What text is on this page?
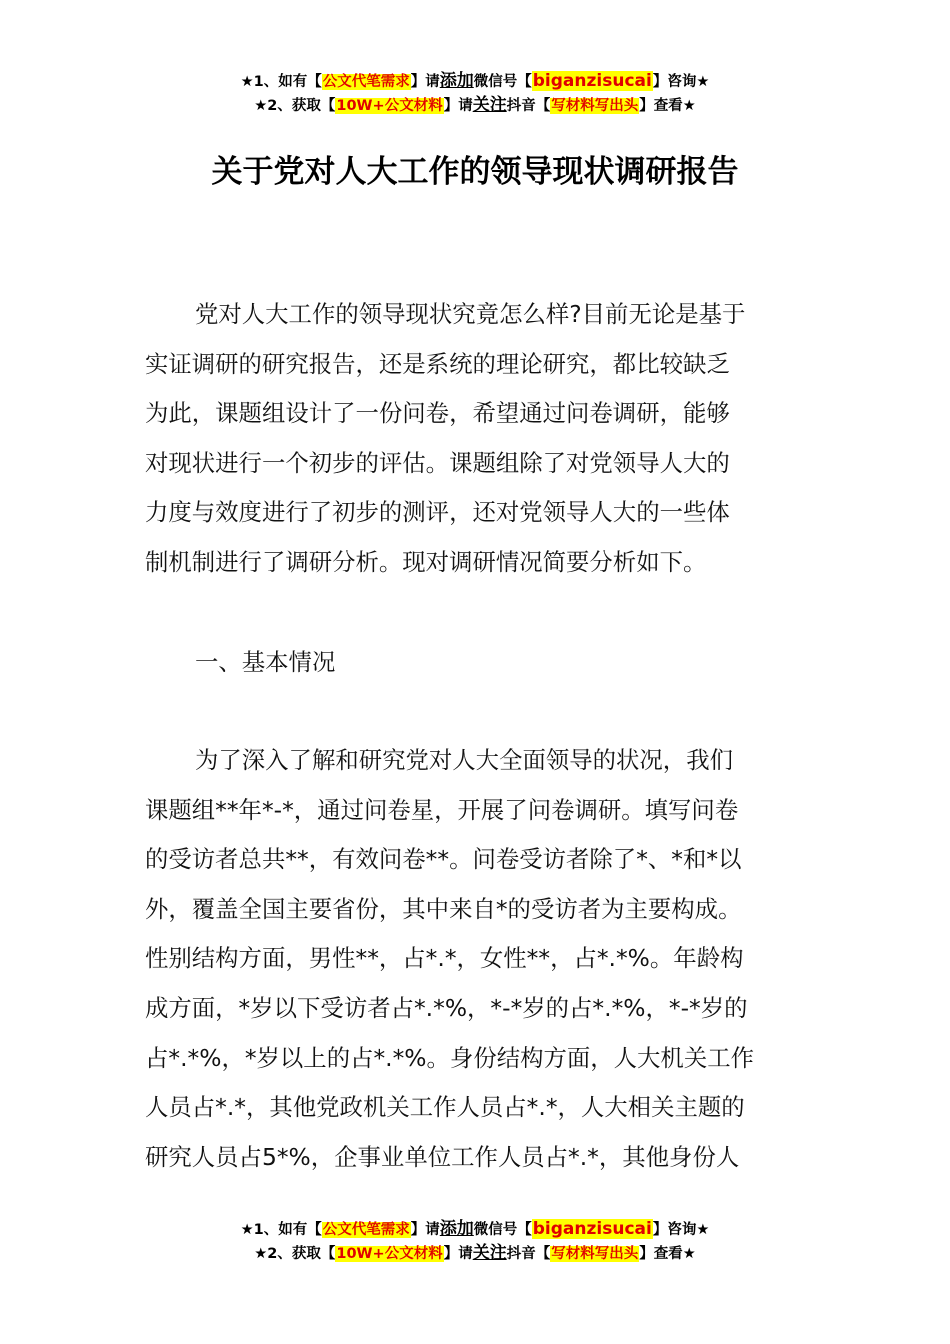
★1、如有【公文代笔需求】请添加微信号【biganzisucai】咨询★
★2、获取【10W+公文材料】请关注抖音【写材料写出头】查看★
关于党对人大工作的领导现状调研报告
党对人大工作的领导现状究竟怎么样?目前无论是基于
实证调研的研究报告，还是系统的理论研究，都比较缺乏
为此，课题组设计了一份问卷，希望通过问卷调研，能够
对现状进行一个初步的评估。课题组除了对党领导人大的
力度与效度进行了初步的测评，还对党领导人大的一些体
制机制进行了调研分析。现对调研情况简要分析如下。
一、基本情况
为了深入了解和研究党对人大全面领导的状况，我们
课题组**年*-*，通过问卷星，开展了问卷调研。填写问卷
的受访者总共**，有效问卷**。问卷受访者除了*、*和*以
外，覆盖全国主要省份，其中来自*的受访者为主要构成。
性别结构方面，男性**，占*.*，女性**，占*.*%。年龄构
成方面，*岁以下受访者占*.*%，*-*岁的占*.*%，*-*岁的
占*.*%，*岁以上的占*.*%。身份结构方面，人大机关工作
人员占*.*，其他党政机关工作人员占*.*，人大相关主题的
研究人员占5*%，企事业单位工作人员占*.*，其他身份人
★1、如有【公文代笔需求】请添加微信号【biganzisucai】咨询★
★2、获取【10W+公文材料】请关注抖音【写材料写出头】查看★
